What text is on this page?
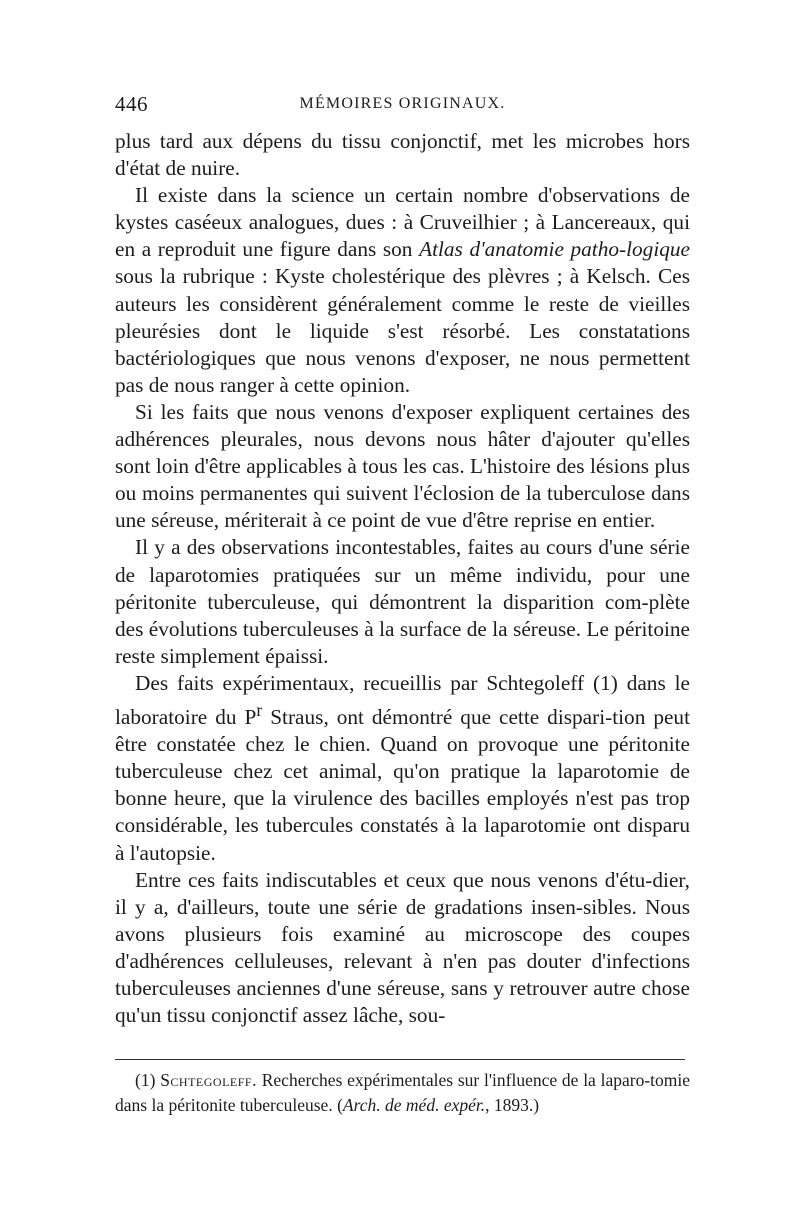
446	MÉMOIRES ORIGINAUX.

plus tard aux dépens du tissu conjonctif, met les microbes hors d'état de nuire.

Il existe dans la science un certain nombre d'observations de kystes caséeux analogues, dues : à Cruveilhier ; à Lancereaux, qui en a reproduit une figure dans son Atlas d'anatomie patho-logique sous la rubrique : Kyste cholestérique des plèvres ; à Kelsch. Ces auteurs les considèrent généralement comme le reste de vieilles pleurésies dont le liquide s'est résorbé. Les constatations bactériologiques que nous venons d'exposer, ne nous permettent pas de nous ranger à cette opinion.

Si les faits que nous venons d'exposer expliquent certaines des adhérences pleurales, nous devons nous hâter d'ajouter qu'elles sont loin d'être applicables à tous les cas. L'histoire des lésions plus ou moins permanentes qui suivent l'éclosion de la tuberculose dans une séreuse, mériterait à ce point de vue d'être reprise en entier.

Il y a des observations incontestables, faites au cours d'une série de laparotomies pratiquées sur un même individu, pour une péritonite tuberculeuse, qui démontrent la disparition com-plète des évolutions tuberculeuses à la surface de la séreuse. Le péritoine reste simplement épaissi.

Des faits expérimentaux, recueillis par Schtegoleff (1) dans le laboratoire du $P^r$ Straus, ont démontré que cette dispari-tion peut être constatée chez le chien. Quand on provoque une péritonite tuberculeuse chez cet animal, qu'on pratique la laparotomie de bonne heure, que la virulence des bacilles employés n'est pas trop considérable, les tubercules constatés à la laparotomie ont disparu à l'autopsie.

Entre ces faits indiscutables et ceux que nous venons d'étu-dier, il y a, d'ailleurs, toute une série de gradations insen-sibles. Nous avons plusieurs fois examiné au microscope des coupes d'adhérences celluleuses, relevant à n'en pas douter d'infections tuberculeuses anciennes d'une séreuse, sans y retrouver autre chose qu'un tissu conjonctif assez lâche, sou-

(1) Schtegoleff. Recherches expérimentales sur l'influence de la laparo-tomie dans la péritonite tuberculeuse. (Arch. de méd. expér., 1893.)
